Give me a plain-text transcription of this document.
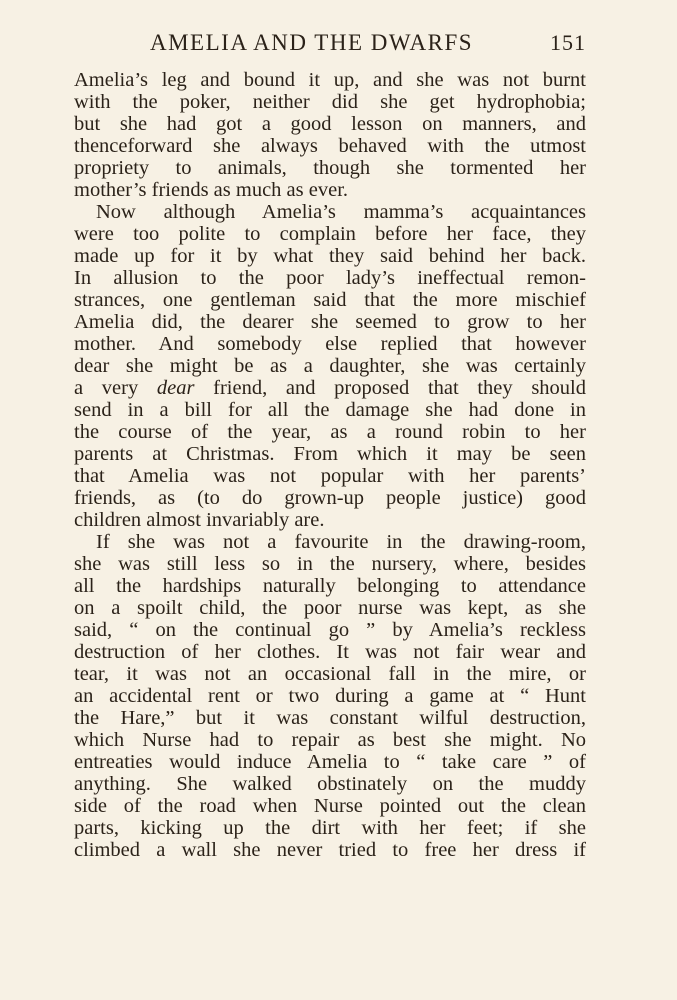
AMELIA AND THE DWARFS	151
Amelia’s leg and bound it up, and she was not burnt
with the poker, neither did she get hydrophobia;
but she had got a good lesson on manners, and
thenceforward she always behaved with the utmost
propriety to animals, though she tormented her
mother’s friends as much as ever.
Now although Amelia’s mamma’s acquaintances
were too polite to complain before her face, they
made up for it by what they said behind her back.
In allusion to the poor lady’s ineffectual remon-
strances, one gentleman said that the more mischief
Amelia did, the dearer she seemed to grow to her
mother. And somebody else replied that however
dear she might be as a daughter, she was certainly
a very dear friend, and proposed that they should
send in a bill for all the damage she had done in
the course of the year, as a round robin to her
parents at Christmas. From which it may be seen
that Amelia was not popular with her parents’
friends, as (to do grown-up people justice) good
children almost invariably are.
If she was not a favourite in the drawing-room,
she was still less so in the nursery, where, besides
all the hardships naturally belonging to attendance
on a spoilt child, the poor nurse was kept, as she
said, “ on the continual go ” by Amelia’s reckless
destruction of her clothes. It was not fair wear and
tear, it was not an occasional fall in the mire, or
an accidental rent or two during a game at “ Hunt
the Hare,” but it was constant wilful destruction,
which Nurse had to repair as best she might. No
entreaties would induce Amelia to “ take care ” of
anything. She walked obstinately on the muddy
side of the road when Nurse pointed out the clean
parts, kicking up the dirt with her feet; if she
climbed a wall she never tried to free her dress if
